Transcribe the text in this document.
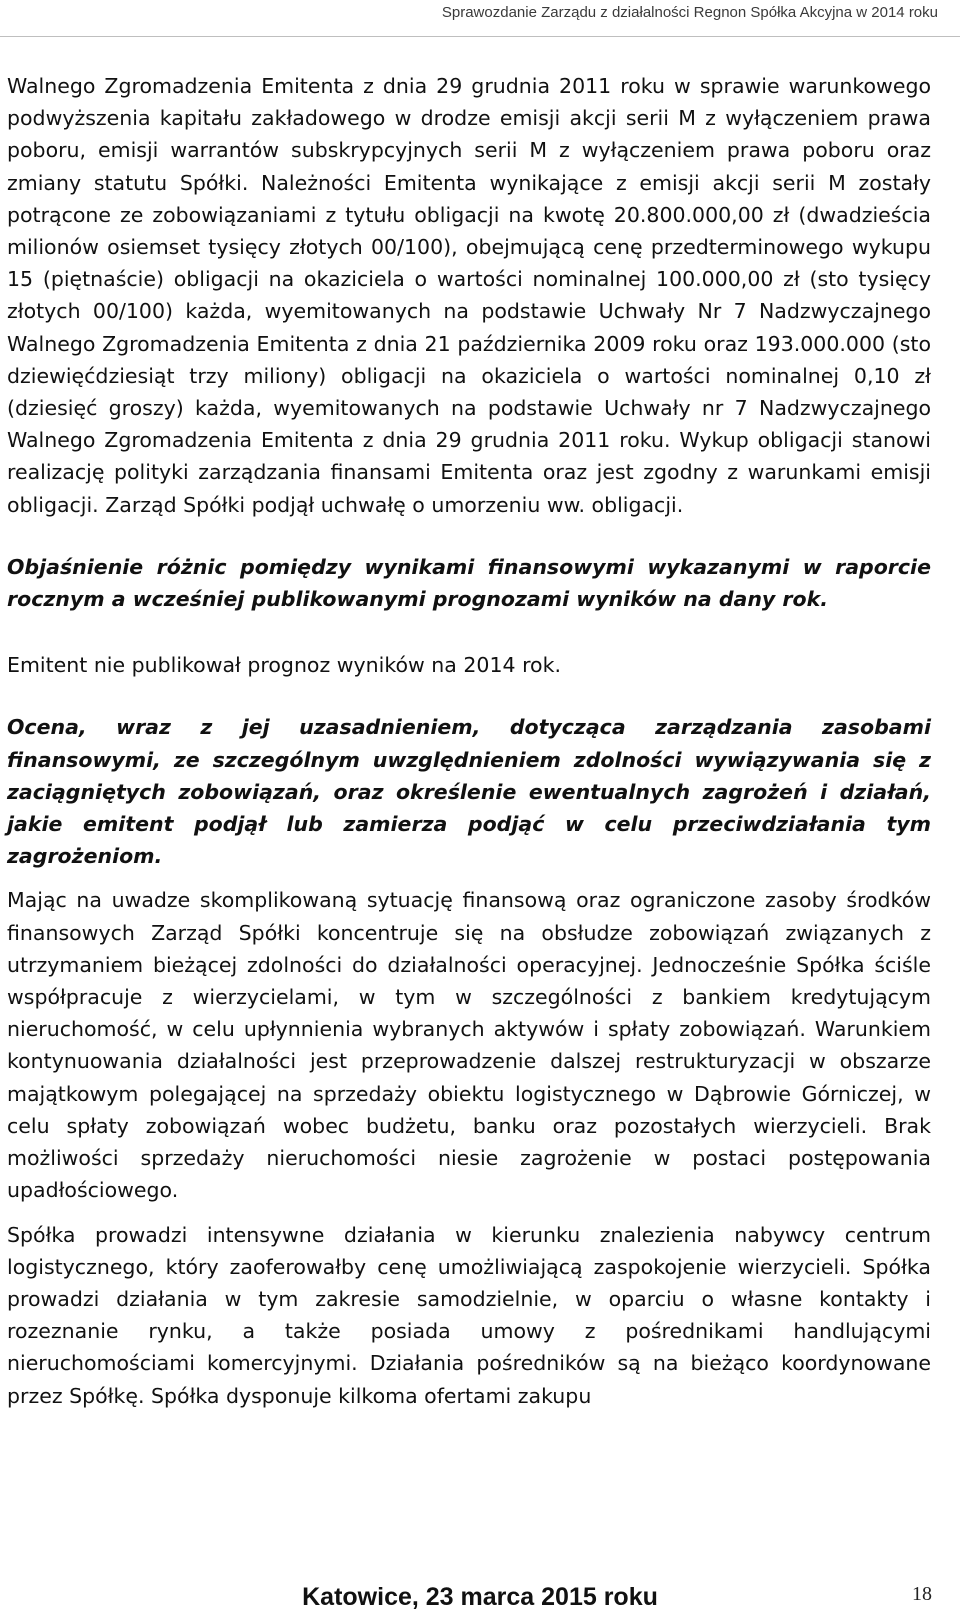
Sprawozdanie Zarządu z działalności Regnon Spółka Akcyjna w 2014 roku

Walnego Zgromadzenia Emitenta z dnia 29 grudnia 2011 roku w sprawie warunkowego podwyższenia kapitału zakładowego w drodze emisji akcji serii M z wyłączeniem prawa poboru, emisji warrantów subskrypcyjnych serii M z wyłączeniem prawa poboru oraz zmiany statutu Spółki. Należności Emitenta wynikające z emisji akcji serii M zostały potrącone ze zobowiązaniami z tytułu obligacji na kwotę 20.800.000,00 zł (dwadzieścia milionów osiemset tysięcy złotych 00/100), obejmującą cenę przedterminowego wykupu 15 (piętnaście) obligacji na okaziciela o wartości nominalnej 100.000,00 zł (sto tysięcy złotych 00/100) każda, wyemitowanych na podstawie Uchwały Nr 7 Nadzwyczajnego Walnego Zgromadzenia Emitenta z dnia 21 października 2009 roku oraz 193.000.000 (sto dziewięćdziesiąt trzy miliony) obligacji na okaziciela o wartości nominalnej 0,10 zł (dziesięć groszy) każda, wyemitowanych na podstawie Uchwały nr 7 Nadzwyczajnego Walnego Zgromadzenia Emitenta z dnia 29 grudnia 2011 roku. Wykup obligacji stanowi realizację polityki zarządzania finansami Emitenta oraz jest zgodny z warunkami emisji obligacji. Zarząd Spółki podjął uchwałę o umorzeniu ww. obligacji.

Objaśnienie różnic pomiędzy wynikami finansowymi wykazanymi w raporcie rocznym a wcześniej publikowanymi prognozami wyników na dany rok.

Emitent nie publikował prognoz wyników na 2014 rok.

Ocena, wraz z jej uzasadnieniem, dotycząca zarządzania zasobami finansowymi, ze szczególnym uwzględnieniem zdolności wywiązywania się z zaciągniętych zobowiązań, oraz określenie ewentualnych zagrożeń i działań, jakie emitent podjął lub zamierza podjąć w celu przeciwdziałania tym zagrożeniom.

Mając na uwadze skomplikowaną sytuację finansową oraz ograniczone zasoby środków finansowych Zarząd Spółki koncentruje się na obsłudze zobowiązań związanych z utrzymaniem bieżącej zdolności do działalności operacyjnej. Jednocześnie Spółka ściśle współpracuje z wierzycielami, w tym w szczególności z bankiem kredytującym nieruchomość, w celu upłynnienia wybranych aktywów i spłaty zobowiązań. Warunkiem kontynuowania działalności jest przeprowadzenie dalszej restrukturyzacji w obszarze majątkowym polegającej na sprzedaży obiektu logistycznego w Dąbrowie Górniczej, w celu spłaty zobowiązań wobec budżetu, banku oraz pozostałych wierzycieli. Brak możliwości sprzedaży nieruchomości niesie zagrożenie w postaci postępowania upadłościowego.

Spółka prowadzi intensywne działania w kierunku znalezienia nabywcy centrum logistycznego, który zaoferowałby cenę umożliwiającą zaspokojenie wierzycieli. Spółka prowadzi działania w tym zakresie samodzielnie, w oparciu o własne kontakty i rozeznanie rynku, a także posiada umowy z pośrednikami handlującymi nieruchomościami komercyjnymi. Działania pośredników są na bieżąco koordynowane przez Spółkę. Spółka dysponuje kilkoma ofertami zakupu

Katowice, 23 marca 2015 roku	18
